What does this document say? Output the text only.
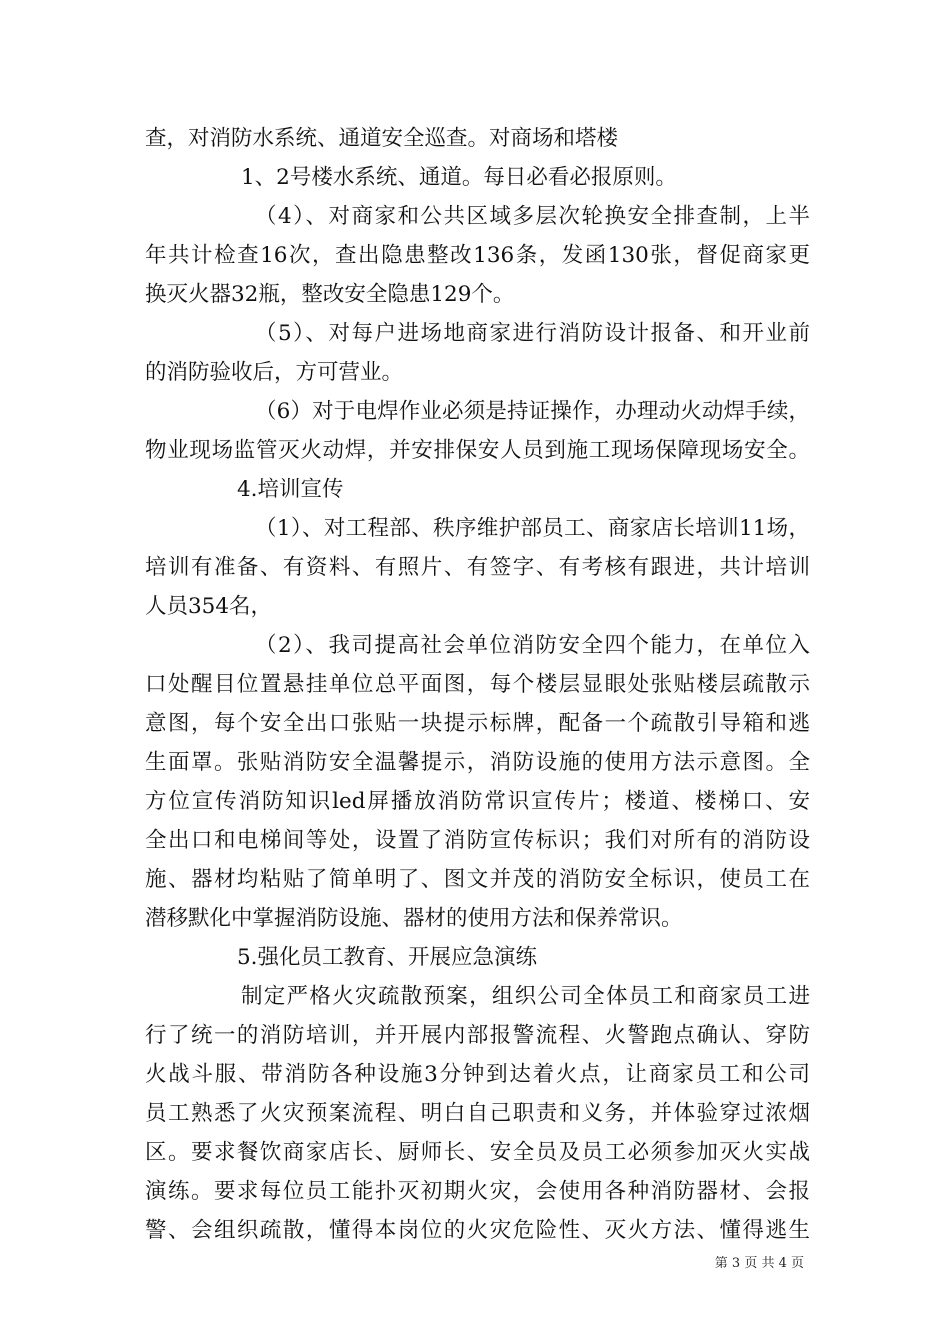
查，对消防水系统、通道安全巡查。对商场和塔楼
1、2号楼水系统、通道。每日必看必报原则。
（4）、对商家和公共区域多层次轮换安全排查制，上半
年共计检查16次，查出隐患整改136条，发函130张，督促商家更
换灭火器32瓶，整改安全隐患129个。
（5）、对每户进场地商家进行消防设计报备、和开业前
的消防验收后，方可营业。
（6）对于电焊作业必须是持证操作，办理动火动焊手续，
物业现场监管灭火动焊，并安排保安人员到施工现场保障现场安全。
4.培训宣传
（1）、对工程部、秩序维护部员工、商家店长培训11场，
培训有准备、有资料、有照片、有签字、有考核有跟进，共计培训
人员354名，
（2）、我司提高社会单位消防安全四个能力，在单位入
口处醒目位置悬挂单位总平面图，每个楼层显眼处张贴楼层疏散示
意图，每个安全出口张贴一块提示标牌，配备一个疏散引导箱和逃
生面罩。张贴消防安全温馨提示，消防设施的使用方法示意图。全
方位宣传消防知识led屏播放消防常识宣传片；楼道、楼梯口、安
全出口和电梯间等处，设置了消防宣传标识；我们对所有的消防设
施、器材均粘贴了简单明了、图文并茂的消防安全标识，使员工在
潜移默化中掌握消防设施、器材的使用方法和保养常识。
5.强化员工教育、开展应急演练
制定严格火灾疏散预案，组织公司全体员工和商家员工进
行了统一的消防培训，并开展内部报警流程、火警跑点确认、穿防
火战斗服、带消防各种设施3分钟到达着火点，让商家员工和公司
员工熟悉了火灾预案流程、明白自己职责和义务，并体验穿过浓烟
区。要求餐饮商家店长、厨师长、安全员及员工必须参加灭火实战
演练。要求每位员工能扑灭初期火灾，会使用各种消防器材、会报
警、会组织疏散，懂得本岗位的火灾危险性、灭火方法、懂得逃生
第 3 页 共 4 页
